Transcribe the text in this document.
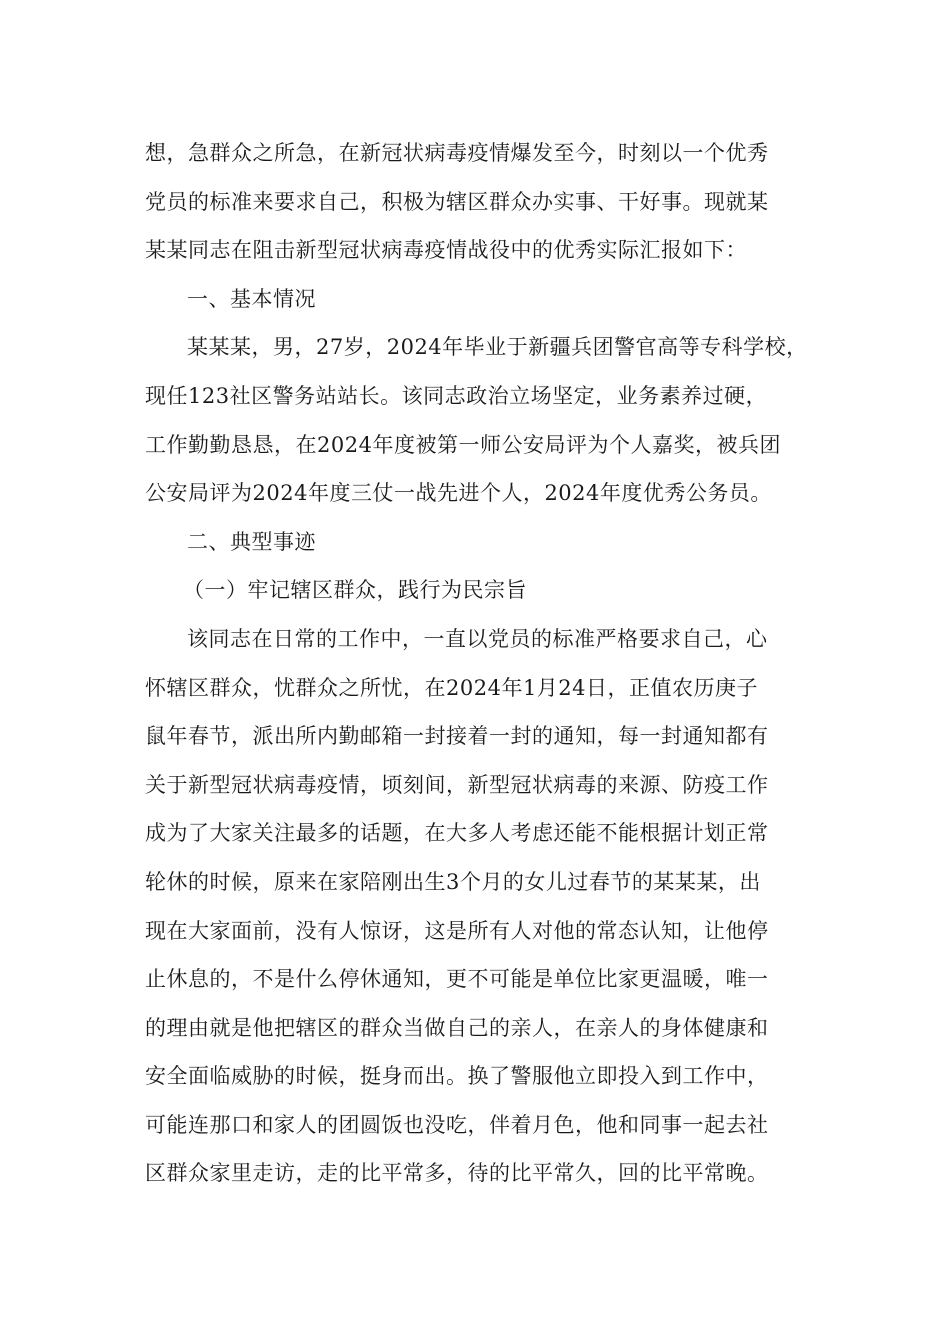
想，急群众之所急，在新冠状病毒疫情爆发至今，时刻以一个优秀
党员的标准来要求自己，积极为辖区群众办实事、干好事。现就某
某某同志在阻击新型冠状病毒疫情战役中的优秀实际汇报如下：
一、基本情况
某某某，男，27岁，2024年毕业于新疆兵团警官高等专科学校，
现任123社区警务站站长。该同志政治立场坚定，业务素养过硬，
工作勤勤恳恳，在2024年度被第一师公安局评为个人嘉奖，被兵团
公安局评为2024年度三仗一战先进个人，2024年度优秀公务员。
二、典型事迹
（一）牢记辖区群众，践行为民宗旨
该同志在日常的工作中，一直以党员的标准严格要求自己，心
怀辖区群众，忧群众之所忧，在2024年1月24日，正值农历庚子
鼠年春节，派出所内勤邮箱一封接着一封的通知，每一封通知都有
关于新型冠状病毒疫情，顷刻间，新型冠状病毒的来源、防疫工作
成为了大家关注最多的话题，在大多人考虑还能不能根据计划正常
轮休的时候，原来在家陪刚出生3个月的女儿过春节的某某某，出
现在大家面前，没有人惊讶，这是所有人对他的常态认知，让他停
止休息的，不是什么停休通知，更不可能是单位比家更温暖，唯一
的理由就是他把辖区的群众当做自己的亲人，在亲人的身体健康和
安全面临威胁的时候，挺身而出。换了警服他立即投入到工作中，
可能连那口和家人的团圆饭也没吃，伴着月色，他和同事一起去社
区群众家里走访，走的比平常多，待的比平常久，回的比平常晚。
